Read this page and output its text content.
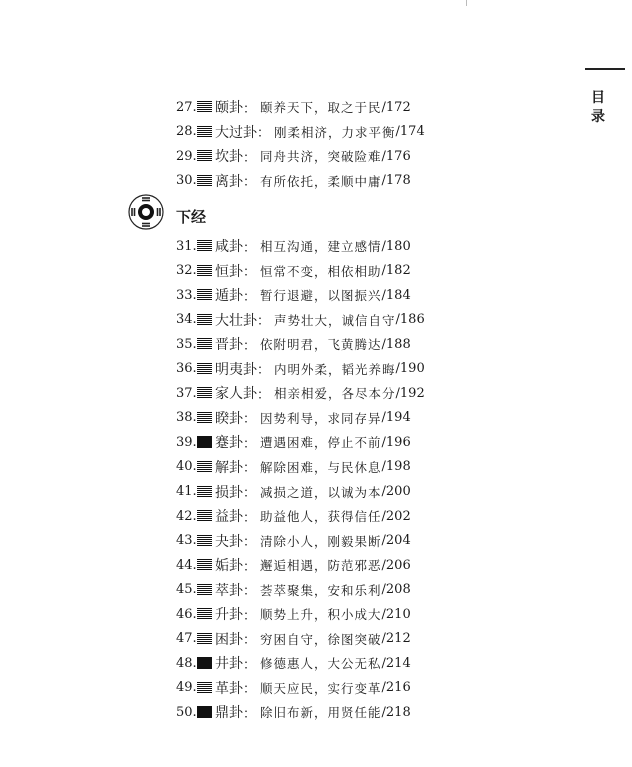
目
录
下经
27. 颐卦 ： 颐养天下，取之于民 /172
28. 大过卦 ： 刚柔相济，力求平衡 /174
29. 坎卦 ： 同舟共济，突破险难 /176
30. 离卦 ： 有所依托，柔顺中庸 /178
31. 咸卦 ： 相互沟通，建立感情 /180
32. 恒卦 ： 恒常不变，相依相助 /182
33. 遁卦 ： 暂行退避，以图振兴 /184
34. 大壮卦 ： 声势壮大，诚信自守 /186
35. 晋卦 ： 依附明君，飞黄腾达 /188
36. 明夷卦 ： 内明外柔，韬光养晦 /190
37. 家人卦 ： 相亲相爱，各尽本分 /192
38. 睽卦 ： 因势利导，求同存异 /194
39. 蹇卦 ： 遭遇困难，停止不前 /196
40. 解卦 ： 解除困难，与民休息 /198
41. 损卦 ： 减损之道，以诚为本 /200
42. 益卦 ： 助益他人，获得信任 /202
43. 夬卦 ： 清除小人，刚毅果断 /204
44. 姤卦 ： 邂逅相遇，防范邪恶 /206
45. 萃卦 ： 荟萃聚集，安和乐利 /208
46. 升卦 ： 顺势上升，积小成大 /210
47. 困卦 ： 穷困自守，徐图突破 /212
48. 井卦 ： 修德惠人，大公无私 /214
49. 革卦 ： 顺天应民，实行变革 /216
50. 鼎卦 ： 除旧布新，用贤任能 /218
